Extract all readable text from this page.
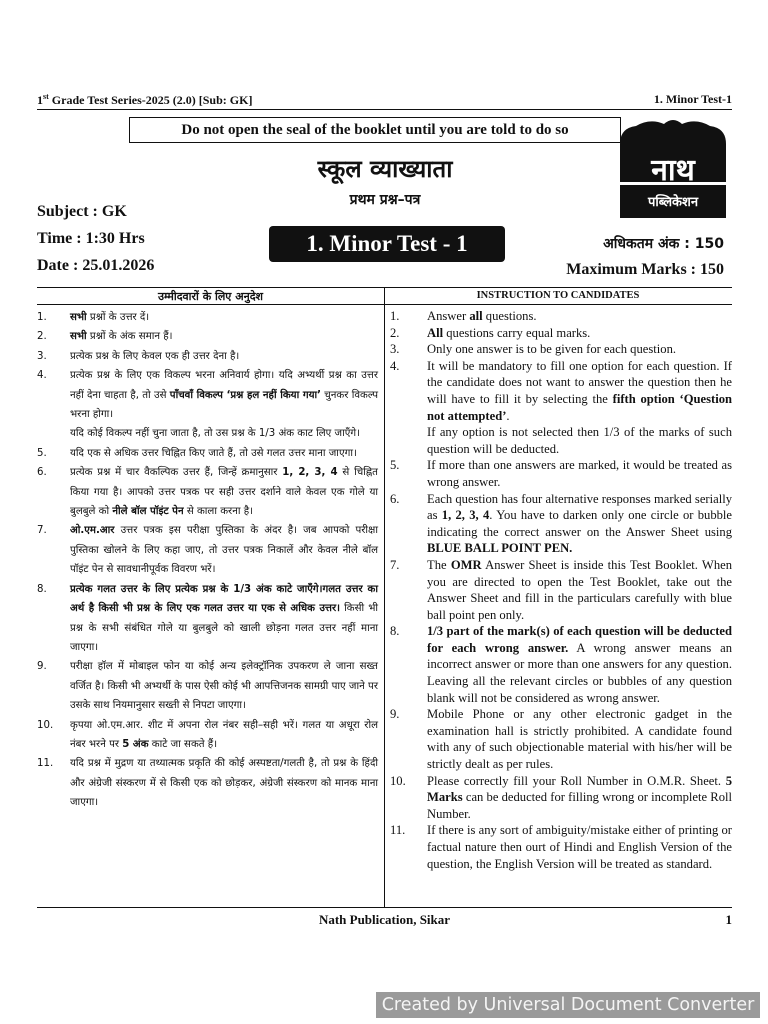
1st Grade Test Series-2025 (2.0) [Sub: GK]	1. Minor Test-1
Do not open the seal of the booklet until you are told to do so
स्कूल व्याख्याता
प्रथम प्रश्न–पत्र
Subject : GK
Time : 1:30 Hrs
Date : 25.01.2026
1. Minor Test - 1	अधिकतम अंक : 150
Maximum Marks : 150
नाथ
पब्लिकेशन
उम्मीदवारों के लिए अनुदेश	INSTRUCTION TO CANDIDATES
1.	सभी प्रश्नों के उत्तर दें।
2.	सभी प्रश्नों के अंक समान हैं।
3.	प्रत्येक प्रश्न के लिए केवल एक ही उत्तर देना है।
4.	प्रत्येक प्रश्न के लिए एक विकल्प भरना अनिवार्य होगा। यदि अभ्यर्थी प्रश्न का उत्तर नहीं देना चाहता है, तो उसे पाँचवाँ विकल्प ‘प्रश्न हल नहीं किया गया’ चुनकर विकल्प भरना होगा।
यदि कोई विकल्प नहीं चुना जाता है, तो उस प्रश्न के 1/3 अंक काट लिए जाएँगे।
5.	यदि एक से अधिक उत्तर चिह्नित किए जाते हैं, तो उसे गलत उत्तर माना जाएगा।
6.	प्रत्येक प्रश्न में चार वैकल्पिक उत्तर हैं, जिन्हें क्रमानुसार 1, 2, 3, 4 से चिह्नित किया गया है। आपको उत्तर पत्रक पर सही उत्तर दर्शाने वाले केवल एक गोले या बुलबुले को नीले बॉल पॉइंट पेन से काला करना है।
7.	ओ.एम.आर उत्तर पत्रक इस परीक्षा पुस्तिका के अंदर है। जब आपको परीक्षा पुस्तिका खोलने के लिए कहा जाए, तो उत्तर पत्रक निकालें और केवल नीले बॉल पॉइंट पेन से सावधानीपूर्वक विवरण भरें।
8.	प्रत्येक गलत उत्तर के लिए प्रत्येक प्रश्न के 1/3 अंक काटे जाएँगे।गलत उत्तर का अर्थ है किसी भी प्रश्न के लिए एक गलत उत्तर या एक से अधिक उत्तर। किसी भी प्रश्न के सभी संबंधित गोले या बुलबुले को खाली छोड़ना गलत उत्तर नहीं माना जाएगा।
9.	परीक्षा हॉल में मोबाइल फोन या कोई अन्य इलेक्ट्रॉनिक उपकरण ले जाना सख्त वर्जित है। किसी भी अभ्यर्थी के पास ऐसी कोई भी आपत्तिजनक सामग्री पाए जाने पर उसके साथ नियमानुसार सख्ती से निपटा जाएगा।
10.	कृपया ओ.एम.आर. शीट में अपना रोल नंबर सही–सही भरें। गलत या अधूरा रोल नंबर भरने पर 5 अंक काटे जा सकते हैं।
11.	यदि प्रश्न में मुद्रण या तथ्यात्मक प्रकृति की कोई अस्पष्टता/गलती है, तो प्रश्न के हिंदी और अंग्रेजी संस्करण में से किसी एक को छोड़कर, अंग्रेजी संस्करण को मानक माना जाएगा।
1.	Answer all questions.
2.	All questions carry equal marks.
3.	Only one answer is to be given for each question.
4.	It will be mandatory to fill one option for each question. If the candidate does not want to answer the question then he will have to fill it by selecting the fifth option ‘Question not attempted’.
If any option is not selected then 1/3 of the marks of such question will be deducted.
5.	If more than one answers are marked, it would be treated as wrong answer.
6.	Each question has four alternative responses marked serially as 1, 2, 3, 4. You have to darken only one circle or bubble indicating the correct answer on the Answer Sheet using BLUE BALL POINT PEN.
7.	The OMR Answer Sheet is inside this Test Booklet. When you are directed to open the Test Booklet, take out the Answer Sheet and fill in the particulars carefully with blue ball point pen only.
8.	1/3 part of the mark(s) of each question will be deducted for each wrong answer. A wrong answer means an incorrect answer or more than one answers for any question. Leaving all the relevant circles or bubbles of any question blank will not be considered as wrong answer.
9.	Mobile Phone or any other electronic gadget in the examination hall is strictly prohibited. A candidate found with any of such objectionable material with his/her will be strictly dealt as per rules.
10.	Please correctly fill your Roll Number in O.M.R. Sheet. 5 Marks can be deducted for filling wrong or incomplete Roll Number.
11.	If there is any sort of ambiguity/mistake either of printing or factual nature then ourt of Hindi and English Version of the question, the English Version will be treated as standard.
Nath Publication, Sikar	1
Created by Universal Document Converter
